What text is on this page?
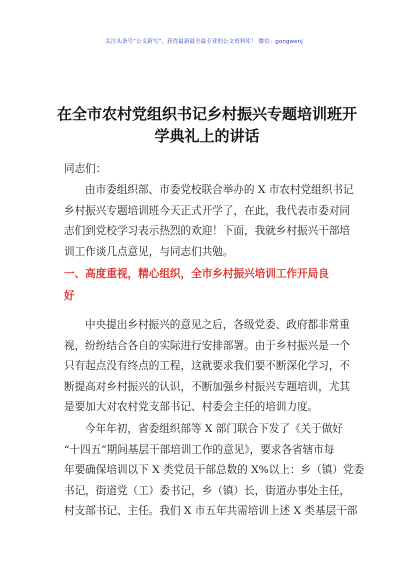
关注头条号“公文新写”，获得最新最全最专业的公文资料库！ 微信：gongwenj
在全市农村党组织书记乡村振兴专题培训班开学典礼上的讲话
同志们：
由市委组织部、市委党校联合举办的 X 市农村党组织书记
乡村振兴专题培训班今天正式开学了，在此，我代表市委对同
志们到党校学习表示热烈的欢迎！下面，我就乡村振兴干部培
训工作谈几点意见，与同志们共勉。
一、高度重视，精心组织，全市乡村振兴培训工作开局良
好
中央提出乡村振兴的意见之后，各级党委、政府都非常重
视，纷纷结合各自的实际进行安排部署。由于乡村振兴是一个
只有起点没有终点的工程，这就要求我们要不断深化学习，不
断提高对乡村振兴的认识，不断加强乡村振兴专题培训，尤其
是要加大对农村党支部书记、村委会主任的培训力度。
今年年初，省委组织部等 X 部门联合下发了《关于做好
“十四五”期间基层干部培训工作的意见》，要求各省辖市每
年要确保培训以下 X 类党员干部总数的 X%以上：乡（镇）党委
书记，街道党（工）委书记，乡（镇）长，街道办事处主任，
村支部书记、主任。我们 X 市五年共需培训上述 X 类基层干部
